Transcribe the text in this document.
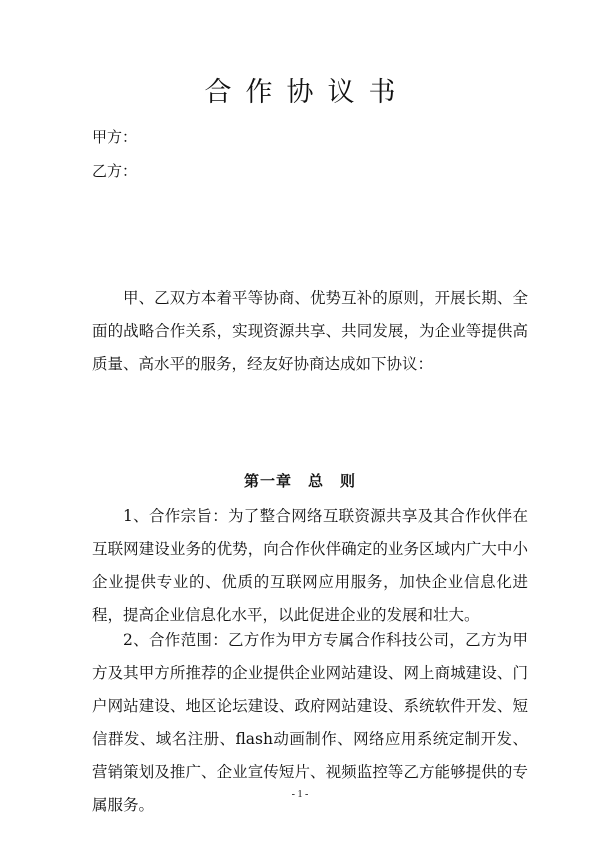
合作协议书
甲方：
乙方：
甲、乙双方本着平等协商、优势互补的原则，开展长期、全面的战略合作关系，实现资源共享、共同发展，为企业等提供高质量、高水平的服务，经友好协商达成如下协议：
第一章　总　则
1、合作宗旨：为了整合网络互联资源共享及其合作伙伴在互联网建设业务的优势，向合作伙伴确定的业务区域内广大中小企业提供专业的、优质的互联网应用服务，加快企业信息化进程，提高企业信息化水平，以此促进企业的发展和壮大。
2、合作范围：乙方作为甲方专属合作科技公司，乙方为甲方及其甲方所推荐的企业提供企业网站建设、网上商城建设、门户网站建设、地区论坛建设、政府网站建设、系统软件开发、短信群发、域名注册、flash动画制作、网络应用系统定制开发、营销策划及推广、企业宣传短片、视频监控等乙方能够提供的专属服务。
- 1 -
